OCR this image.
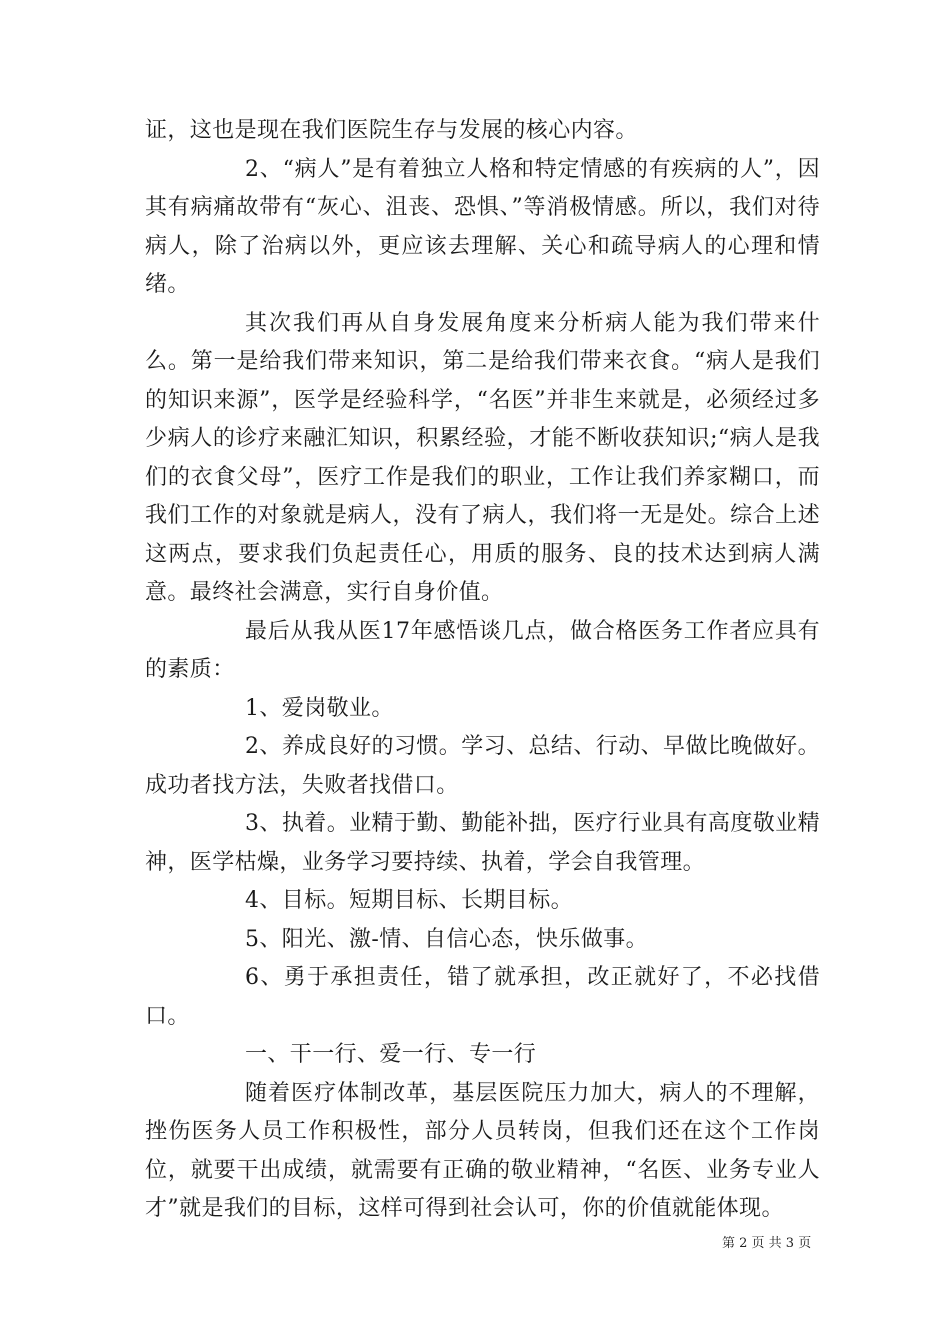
证，这也是现在我们医院生存与发展的核心内容。

2、“病人”是有着独立人格和特定情感的有疾病的人”，因其有病痛故带有“灰心、沮丧、恐惧、”等消极情感。所以，我们对待病人，除了治病以外，更应该去理解、关心和疏导病人的心理和情绪。

其次我们再从自身发展角度来分析病人能为我们带来什么。第一是给我们带来知识，第二是给我们带来衣食。“病人是我们的知识来源”，医学是经验科学，“名医”并非生来就是，必须经过多少病人的诊疗来融汇知识，积累经验，才能不断收获知识;“病人是我们的衣食父母”，医疗工作是我们的职业，工作让我们养家糊口，而我们工作的对象就是病人，没有了病人，我们将一无是处。综合上述这两点，要求我们负起责任心，用质的服务、良的技术达到病人满意。最终社会满意，实行自身价值。

最后从我从医17年感悟谈几点，做合格医务工作者应具有的素质：

1、爱岗敬业。

2、养成良好的习惯。学习、总结、行动、早做比晚做好。成功者找方法，失败者找借口。

3、执着。业精于勤、勤能补拙，医疗行业具有高度敬业精神，医学枯燥，业务学习要持续、执着，学会自我管理。

4、目标。短期目标、长期目标。

5、阳光、激-情、自信心态，快乐做事。

6、勇于承担责任，错了就承担，改正就好了，不必找借口。

一、干一行、爱一行、专一行

随着医疗体制改革，基层医院压力加大，病人的不理解，挫伤医务人员工作积极性，部分人员转岗，但我们还在这个工作岗位，就要干出成绩，就需要有正确的敬业精神，“名医、业务专业人才”就是我们的目标，这样可得到社会认可，你的价值就能体现。

第 2 页 共 3 页
